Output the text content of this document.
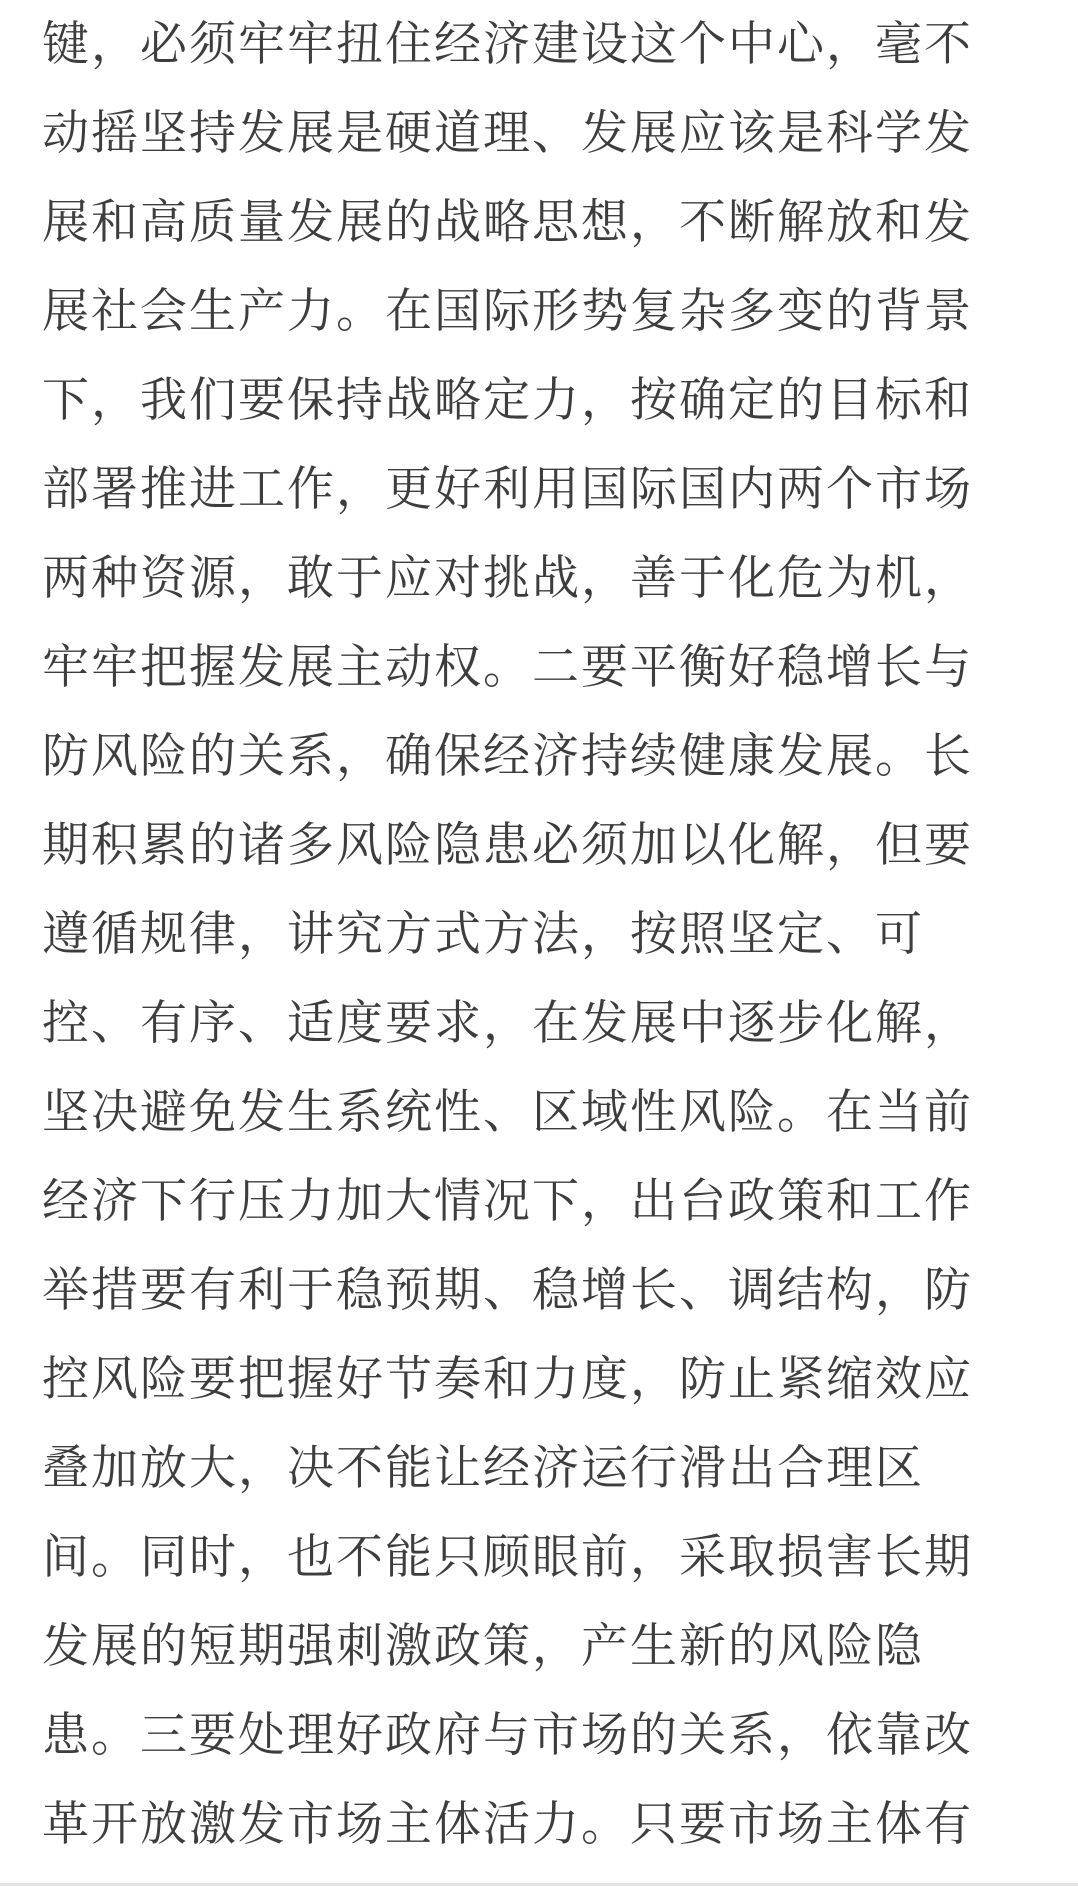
键，必须牢牢扭住经济建设这个中心，毫不
动摇坚持发展是硬道理、发展应该是科学发
展和高质量发展的战略思想，不断解放和发
展社会生产力。在国际形势复杂多变的背景
下，我们要保持战略定力，按确定的目标和
部署推进工作，更好利用国际国内两个市场
两种资源，敢于应对挑战，善于化危为机，
牢牢把握发展主动权。二要平衡好稳增长与
防风险的关系，确保经济持续健康发展。长
期积累的诸多风险隐患必须加以化解，但要
遵循规律，讲究方式方法，按照坚定、可
控、有序、适度要求，在发展中逐步化解，
坚决避免发生系统性、区域性风险。在当前
经济下行压力加大情况下，出台政策和工作
举措要有利于稳预期、稳增长、调结构，防
控风险要把握好节奏和力度，防止紧缩效应
叠加放大，决不能让经济运行滑出合理区
间。同时，也不能只顾眼前，采取损害长期
发展的短期强刺激政策，产生新的风险隐
患。三要处理好政府与市场的关系，依靠改
革开放激发市场主体活力。只要市场主体有
